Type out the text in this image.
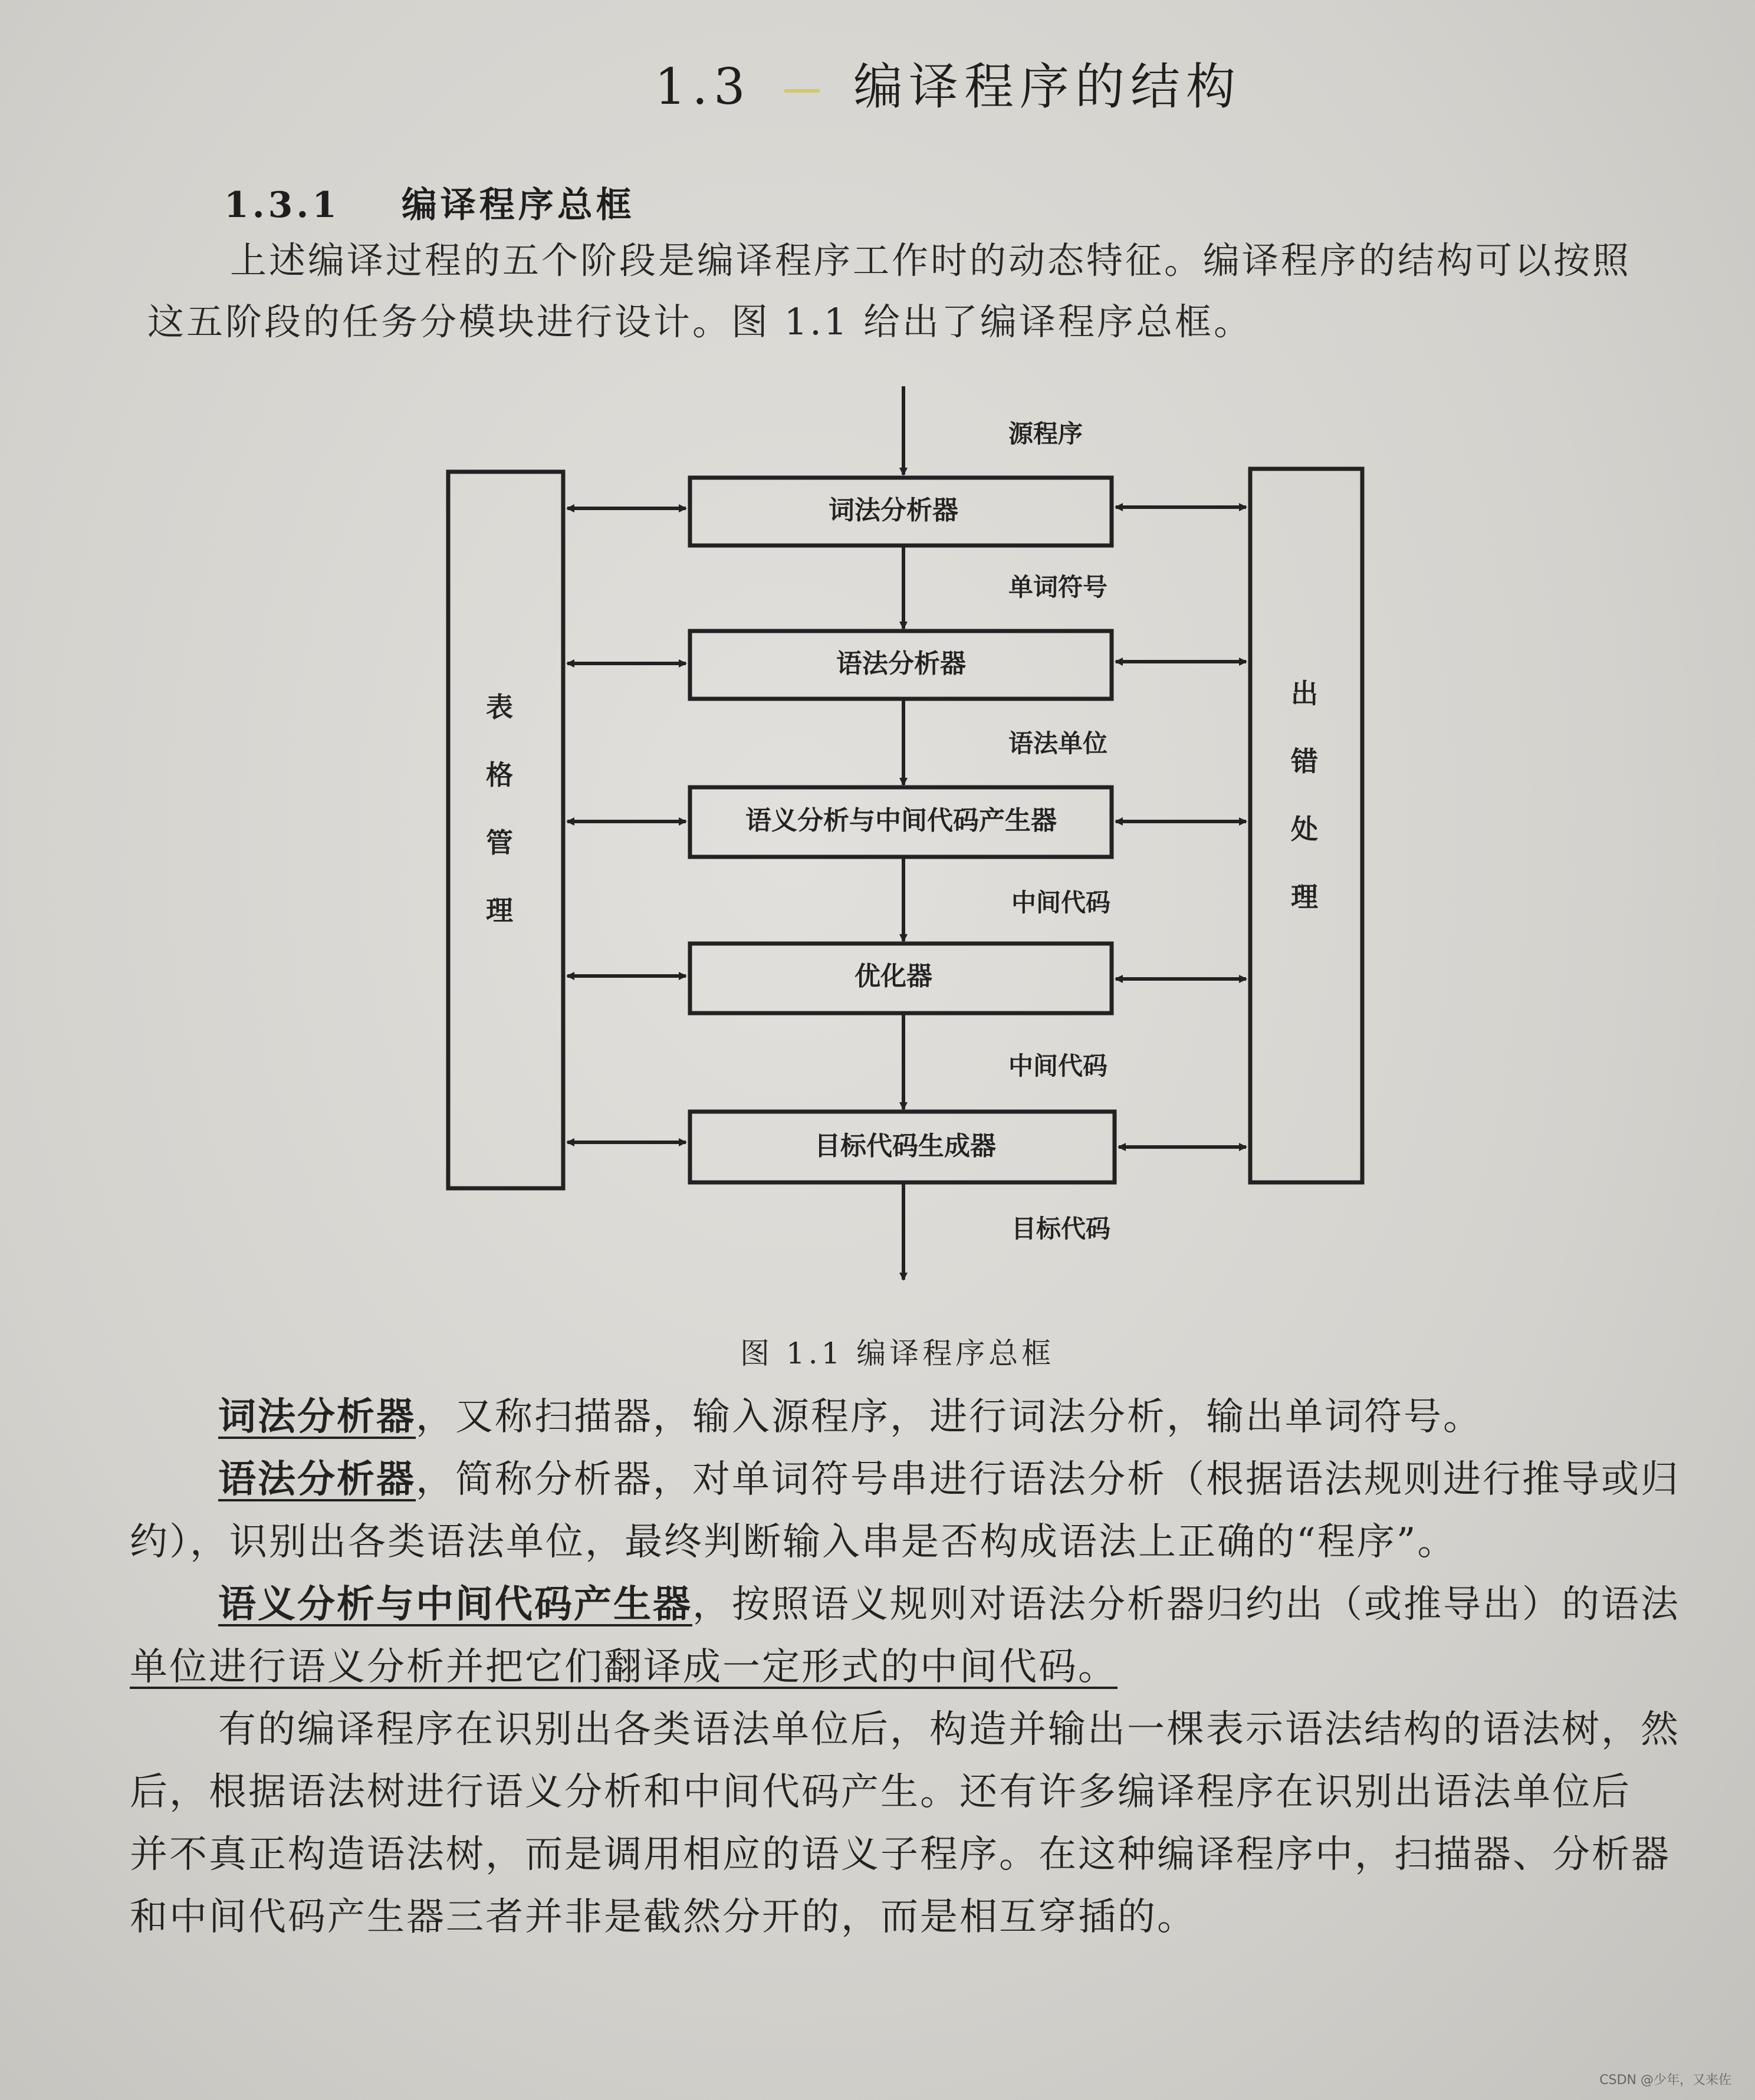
1.3 编译程序的结构
1.3.1 编译程序总框

上述编译过程的五个阶段是编译程序工作时的动态特征。编译程序的结构可以按照

这五阶段的任务分模块进行设计。图 1.1 给出了编译程序总框。

表
格
管
理
出
错
处
理
词法分析器
语法分析器
语义分析与中间代码产生器
优化器
目标代码生成器
源程序
单词符号
语法单位
中间代码
中间代码
目标代码
图 1.1 编译程序总框

词法分析器，又称扫描器，输入源程序，进行词法分析，输出单词符号。

语法分析器，简称分析器，对单词符号串进行语法分析（根据语法规则进行推导或归

约），识别出各类语法单位，最终判断输入串是否构成语法上正确的“程序”。

语义分析与中间代码产生器，按照语义规则对语法分析器归约出（或推导出）的语法

单位进行语义分析并把它们翻译成一定形式的中间代码。

有的编译程序在识别出各类语法单位后，构造并输出一棵表示语法结构的语法树，然

后，根据语法树进行语义分析和中间代码产生。还有许多编译程序在识别出语法单位后

并不真正构造语法树，而是调用相应的语义子程序。在这种编译程序中，扫描器、分析器

和中间代码产生器三者并非是截然分开的，而是相互穿插的。

CSDN @少年，又来佐
